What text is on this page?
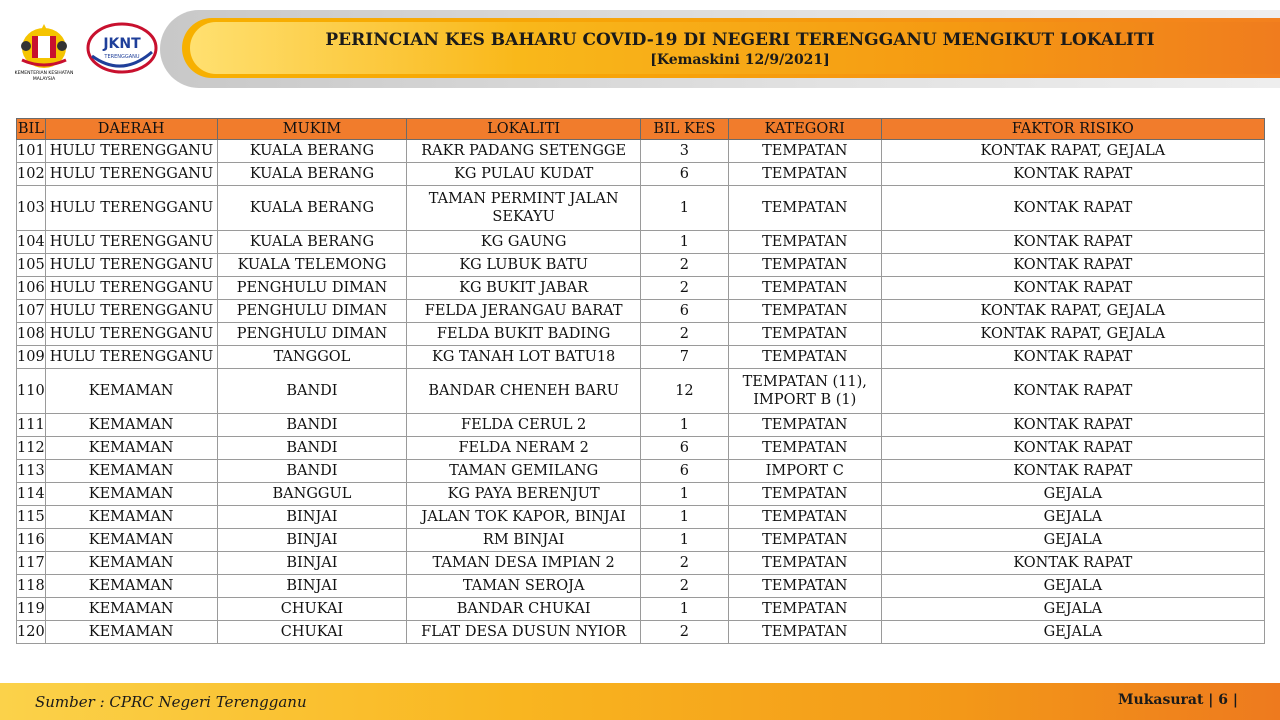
KEMENTERIAN KESIHATAN
MALAYSIA
JKNT
TERENGGANU
PERINCIAN KES BAHARU COVID-19 DI NEGERI TERENGGANU MENGIKUT LOKALITI
[Kemaskini 12/9/2021]
BIL	DAERAH	MUKIM	LOKALITI	BIL KES	KATEGORI	FAKTOR RISIKO
101	HULU TERENGGANU	KUALA BERANG	RAKR PADANG SETENGGE	3	TEMPATAN	KONTAK RAPAT, GEJALA
102	HULU TERENGGANU	KUALA BERANG	KG PULAU KUDAT	6	TEMPATAN	KONTAK RAPAT
103	HULU TERENGGANU	KUALA BERANG	TAMAN PERMINT JALAN SEKAYU	1	TEMPATAN	KONTAK RAPAT
104	HULU TERENGGANU	KUALA BERANG	KG GAUNG	1	TEMPATAN	KONTAK RAPAT
105	HULU TERENGGANU	KUALA TELEMONG	KG LUBUK BATU	2	TEMPATAN	KONTAK RAPAT
106	HULU TERENGGANU	PENGHULU DIMAN	KG BUKIT JABAR	2	TEMPATAN	KONTAK RAPAT
107	HULU TERENGGANU	PENGHULU DIMAN	FELDA JERANGAU BARAT	6	TEMPATAN	KONTAK RAPAT, GEJALA
108	HULU TERENGGANU	PENGHULU DIMAN	FELDA BUKIT BADING	2	TEMPATAN	KONTAK RAPAT, GEJALA
109	HULU TERENGGANU	TANGGOL	KG TANAH LOT BATU18	7	TEMPATAN	KONTAK RAPAT
110	KEMAMAN	BANDI	BANDAR CHENEH BARU	12	TEMPATAN (11), IMPORT B (1)	KONTAK RAPAT
111	KEMAMAN	BANDI	FELDA CERUL 2	1	TEMPATAN	KONTAK RAPAT
112	KEMAMAN	BANDI	FELDA NERAM 2	6	TEMPATAN	KONTAK RAPAT
113	KEMAMAN	BANDI	TAMAN GEMILANG	6	IMPORT C	KONTAK RAPAT
114	KEMAMAN	BANGGUL	KG PAYA BERENJUT	1	TEMPATAN	GEJALA
115	KEMAMAN	BINJAI	JALAN TOK KAPOR, BINJAI	1	TEMPATAN	GEJALA
116	KEMAMAN	BINJAI	RM BINJAI	1	TEMPATAN	GEJALA
117	KEMAMAN	BINJAI	TAMAN DESA IMPIAN 2	2	TEMPATAN	KONTAK RAPAT
118	KEMAMAN	BINJAI	TAMAN SEROJA	2	TEMPATAN	GEJALA
119	KEMAMAN	CHUKAI	BANDAR CHUKAI	1	TEMPATAN	GEJALA
120	KEMAMAN	CHUKAI	FLAT DESA DUSUN NYIOR	2	TEMPATAN	GEJALA
Sumber : CPRC Negeri Terengganu	Mukasurat | 6 |
